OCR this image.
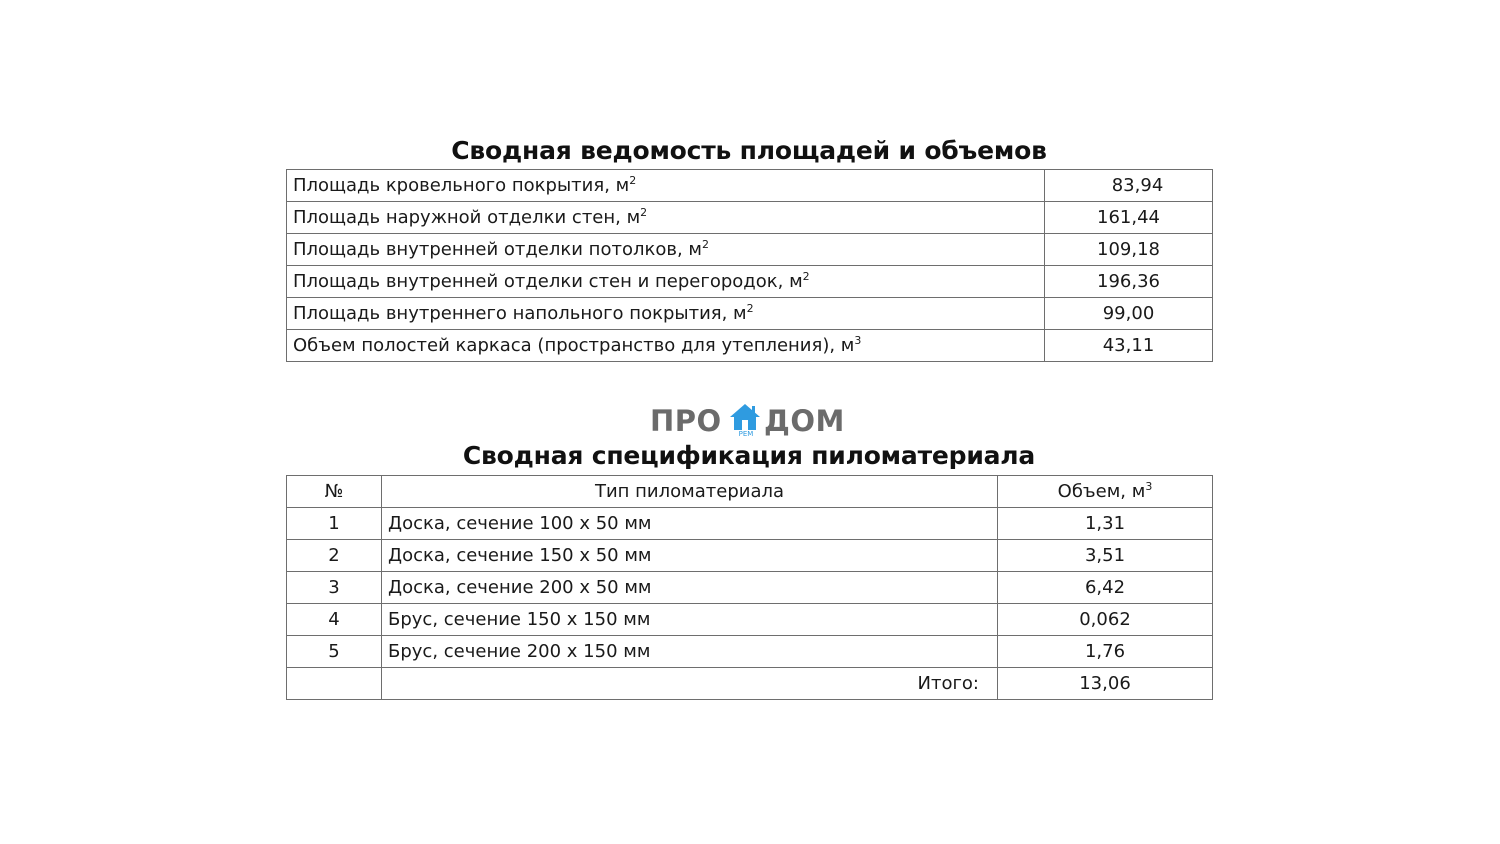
Сводная ведомость площадей и объемов
Площадь кровельного покрытия, $м^2$	83,94
Площадь наружной отделки стен, $м^2$	161,44
Площадь внутренней отделки потолков, $м^2$	109,18
Площадь внутренней отделки стен и перегородок, $м^2$	196,36
Площадь внутреннего напольного покрытия, $м^2$	99,00
Объем полостей каркаса (пространство для утепления), $м^3$	43,11
ПРО	РЕМ ДОМ
Сводная спецификация пиломатериала
№	Тип пиломатериала	Объем, $м^3$
1	Доска, сечение 100 х 50 мм	1,31
2	Доска, сечение 150 х 50 мм	3,51
3	Доска, сечение 200 х 50 мм	6,42
4	Брус, сечение 150 х 150 мм	0,062
5	Брус, сечение 200 х 150 мм	1,76
	Итого:	13,06
